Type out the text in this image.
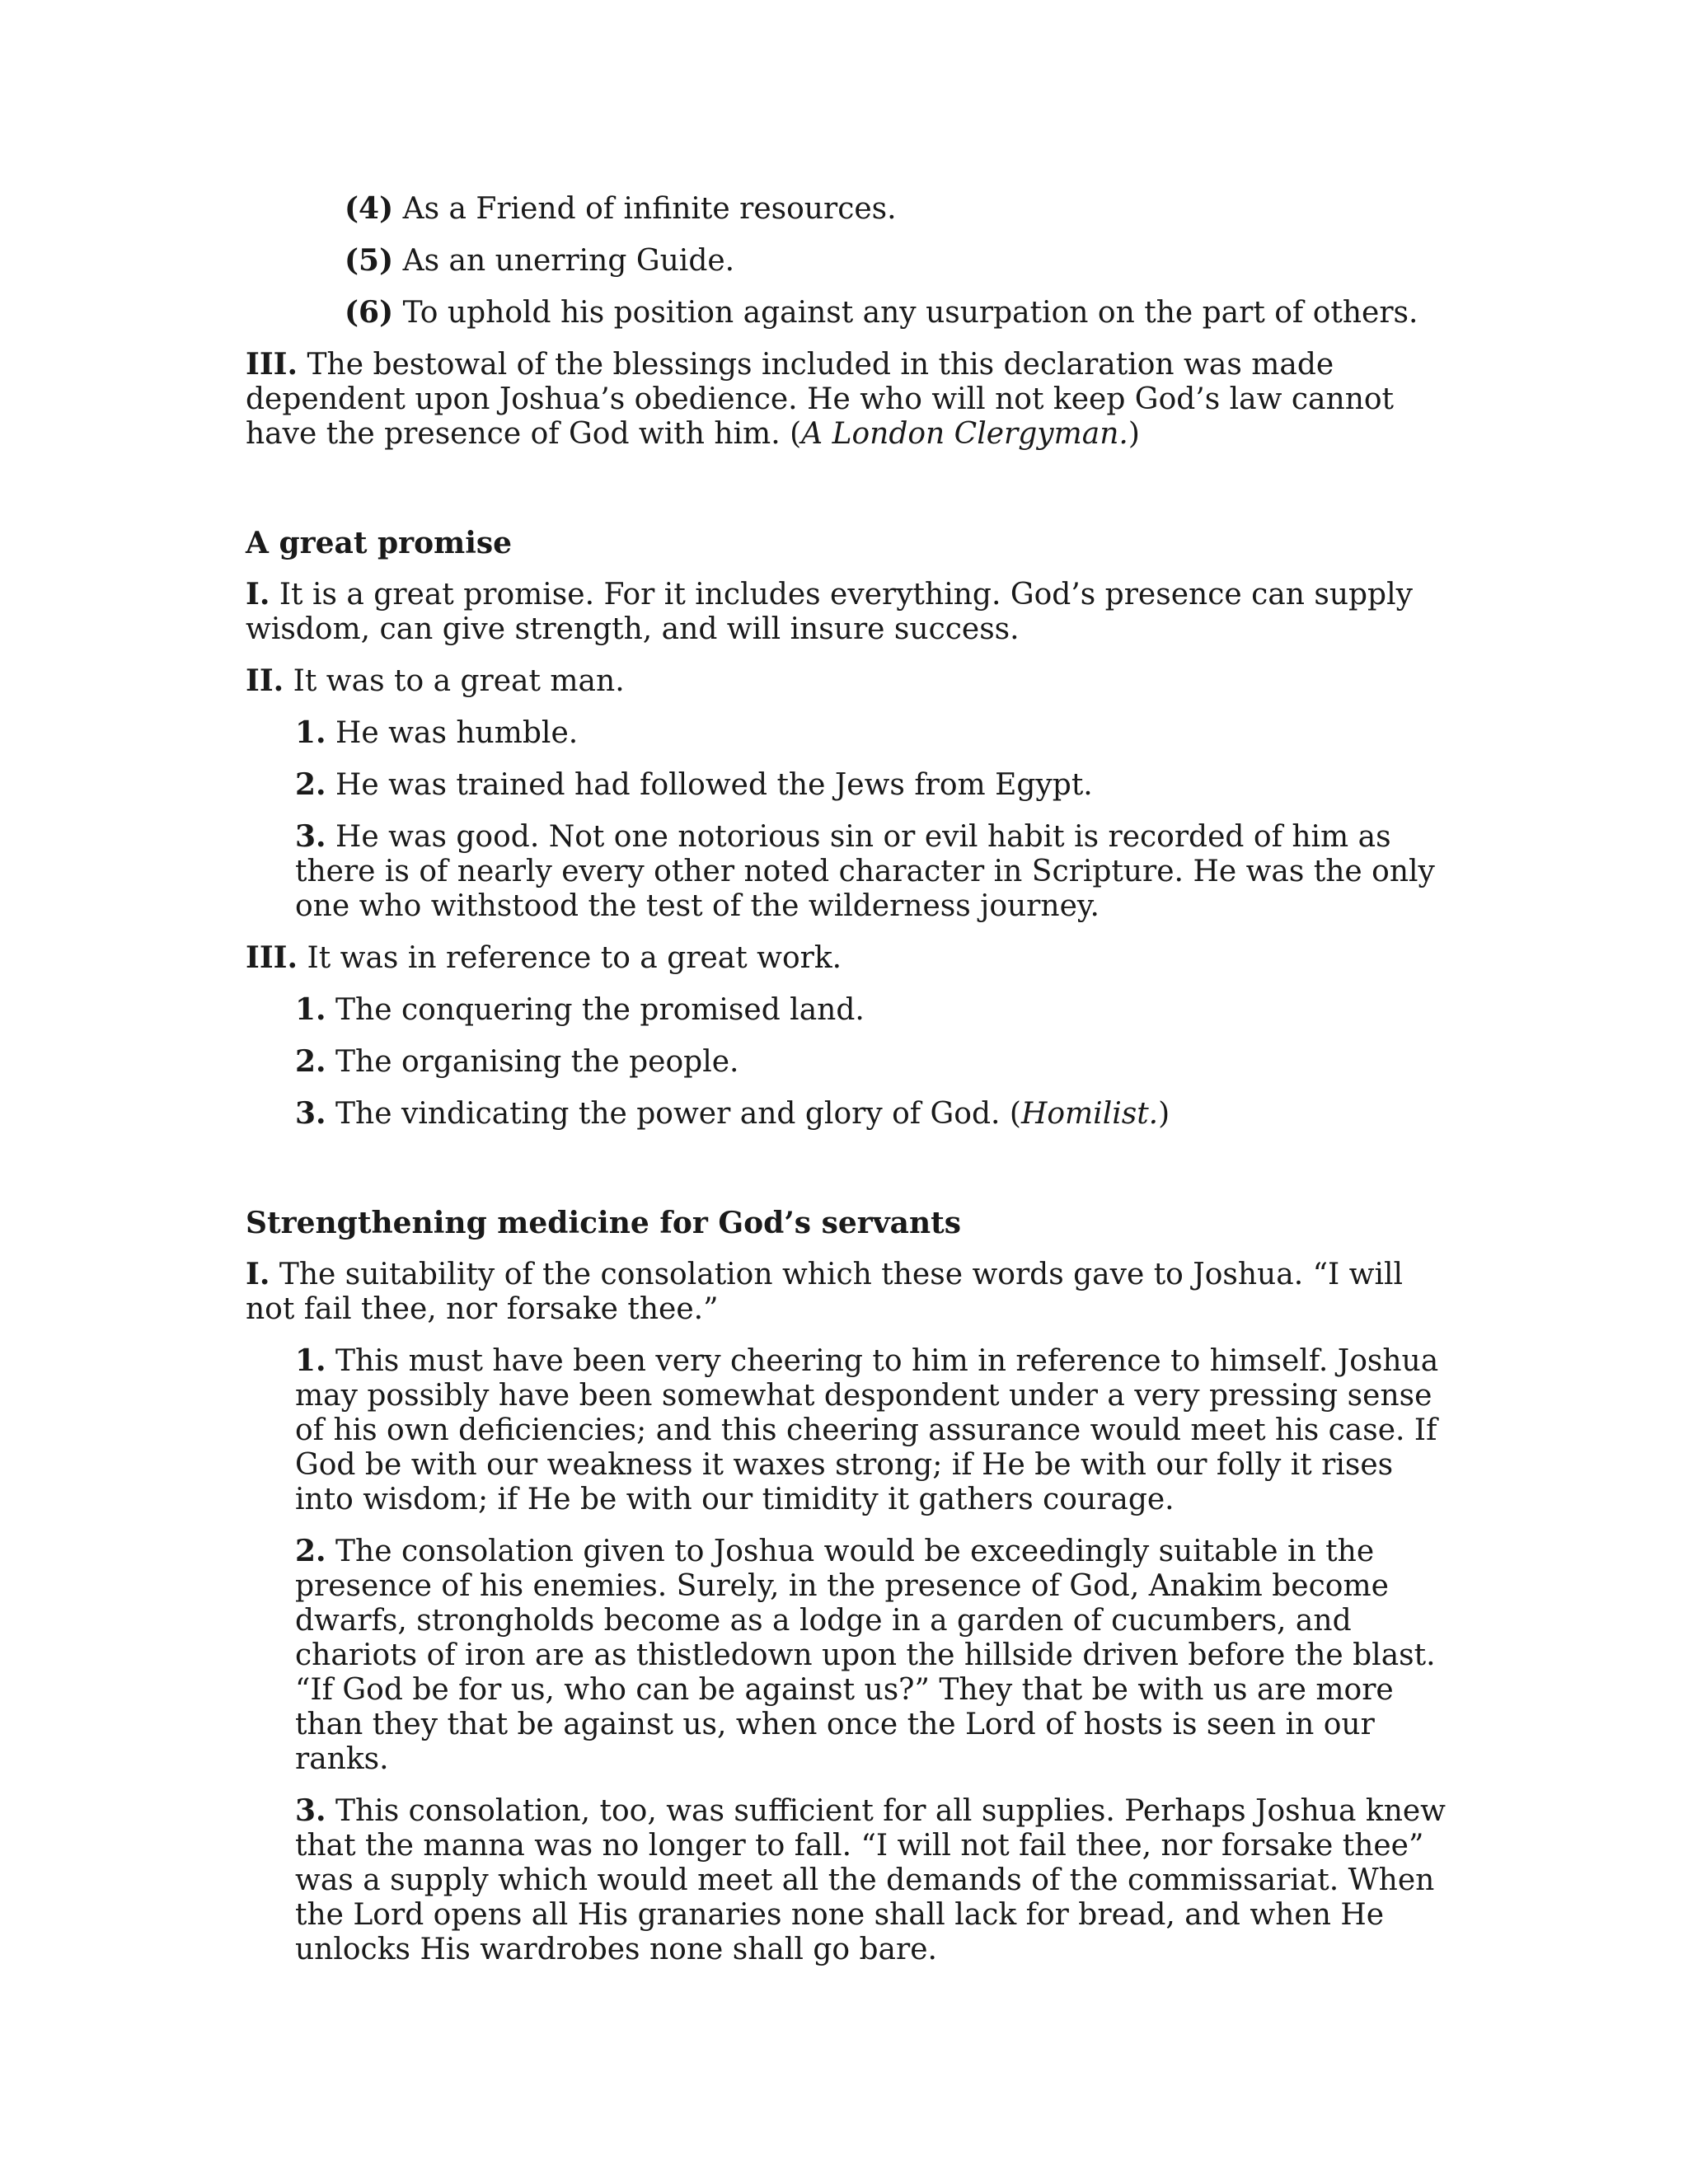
(4) As a Friend of infinite resources.

(5) As an unerring Guide.

(6) To uphold his position against any usurpation on the part of others.

III. The bestowal of the blessings included in this declaration was made dependent upon Joshua’s obedience. He who will not keep God’s law cannot have the presence of God with him. (A London Clergyman.)

A great promise

I. It is a great promise. For it includes everything. God’s presence can supply wisdom, can give strength, and will insure success.

II. It was to a great man.

1. He was humble.

2. He was trained had followed the Jews from Egypt.

3. He was good. Not one notorious sin or evil habit is recorded of him as there is of nearly every other noted character in Scripture. He was the only one who withstood the test of the wilderness journey.

III. It was in reference to a great work.

1. The conquering the promised land.

2. The organising the people.

3. The vindicating the power and glory of God. (Homilist.)

Strengthening medicine for God’s servants

I. The suitability of the consolation which these words gave to Joshua. “I will not fail thee, nor forsake thee.”

1. This must have been very cheering to him in reference to himself. Joshua may possibly have been somewhat despondent under a very pressing sense of his own deficiencies; and this cheering assurance would meet his case. If God be with our weakness it waxes strong; if He be with our folly it rises into wisdom; if He be with our timidity it gathers courage.

2. The consolation given to Joshua would be exceedingly suitable in the presence of his enemies. Surely, in the presence of God, Anakim become dwarfs, strongholds become as a lodge in a garden of cucumbers, and chariots of iron are as thistledown upon the hillside driven before the blast. “If God be for us, who can be against us?” They that be with us are more than they that be against us, when once the Lord of hosts is seen in our ranks.

3. This consolation, too, was sufficient for all supplies. Perhaps Joshua knew that the manna was no longer to fall. “I will not fail thee, nor forsake thee” was a supply which would meet all the demands of the commissariat. When the Lord opens all His granaries none shall lack for bread, and when He unlocks His wardrobes none shall go bare.
